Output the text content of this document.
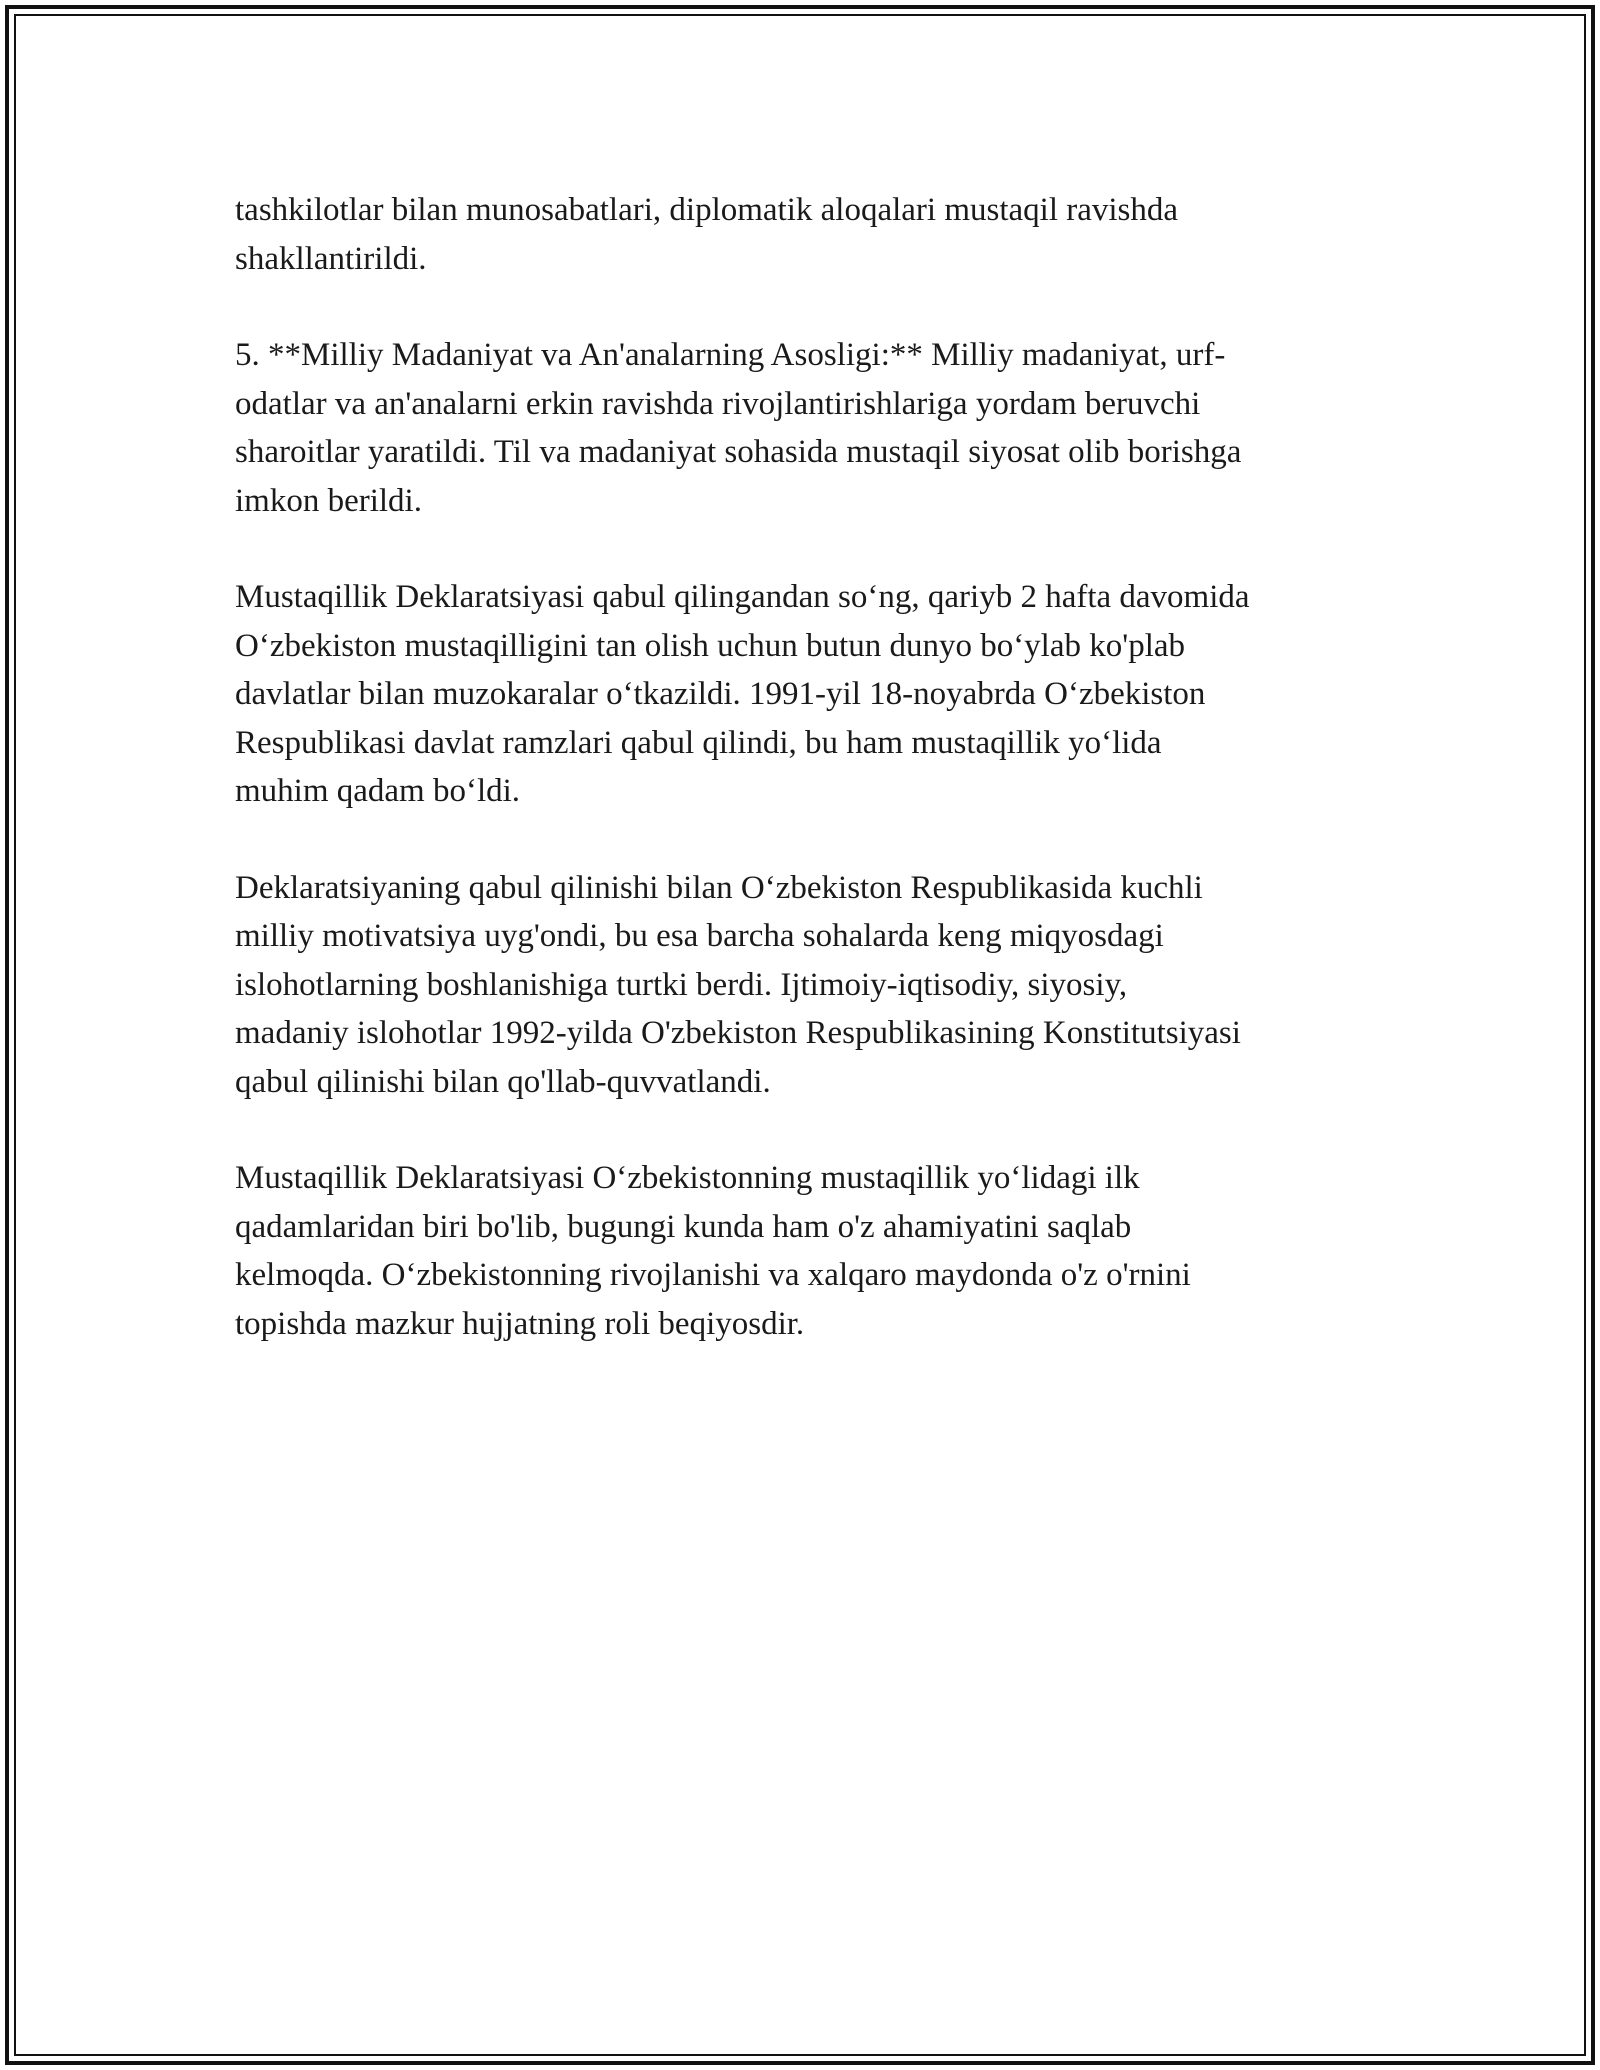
tashkilotlar bilan munosabatlari, diplomatik aloqalari mustaqil ravishda
shakllantirildi.

5. **Milliy Madaniyat va An'analarning Asosligi:** Milliy madaniyat, urf-
odatlar va an'analarni erkin ravishda rivojlantirishlariga yordam beruvchi
sharoitlar yaratildi. Til va madaniyat sohasida mustaqil siyosat olib borishga
imkon berildi.

Mustaqillik Deklaratsiyasi qabul qilingandan so‘ng, qariyb 2 hafta davomida
O‘zbekiston mustaqilligini tan olish uchun butun dunyo bo‘ylab ko'plab
davlatlar bilan muzokaralar o‘tkazildi. 1991-yil 18-noyabrda O‘zbekiston
Respublikasi davlat ramzlari qabul qilindi, bu ham mustaqillik yo‘lida
muhim qadam bo‘ldi.

Deklaratsiyaning qabul qilinishi bilan O‘zbekiston Respublikasida kuchli
milliy motivatsiya uyg'ondi, bu esa barcha sohalarda keng miqyosdagi
islohotlarning boshlanishiga turtki berdi. Ijtimoiy-iqtisodiy, siyosiy,
madaniy islohotlar 1992-yilda O'zbekiston Respublikasining Konstitutsiyasi
qabul qilinishi bilan qo'llab-quvvatlandi.

Mustaqillik Deklaratsiyasi O‘zbekistonning mustaqillik yo‘lidagi ilk
qadamlaridan biri bo'lib, bugungi kunda ham o'z ahamiyatini saqlab
kelmoqda. O‘zbekistonning rivojlanishi va xalqaro maydonda o'z o'rnini
topishda mazkur hujjatning roli beqiyosdir.
